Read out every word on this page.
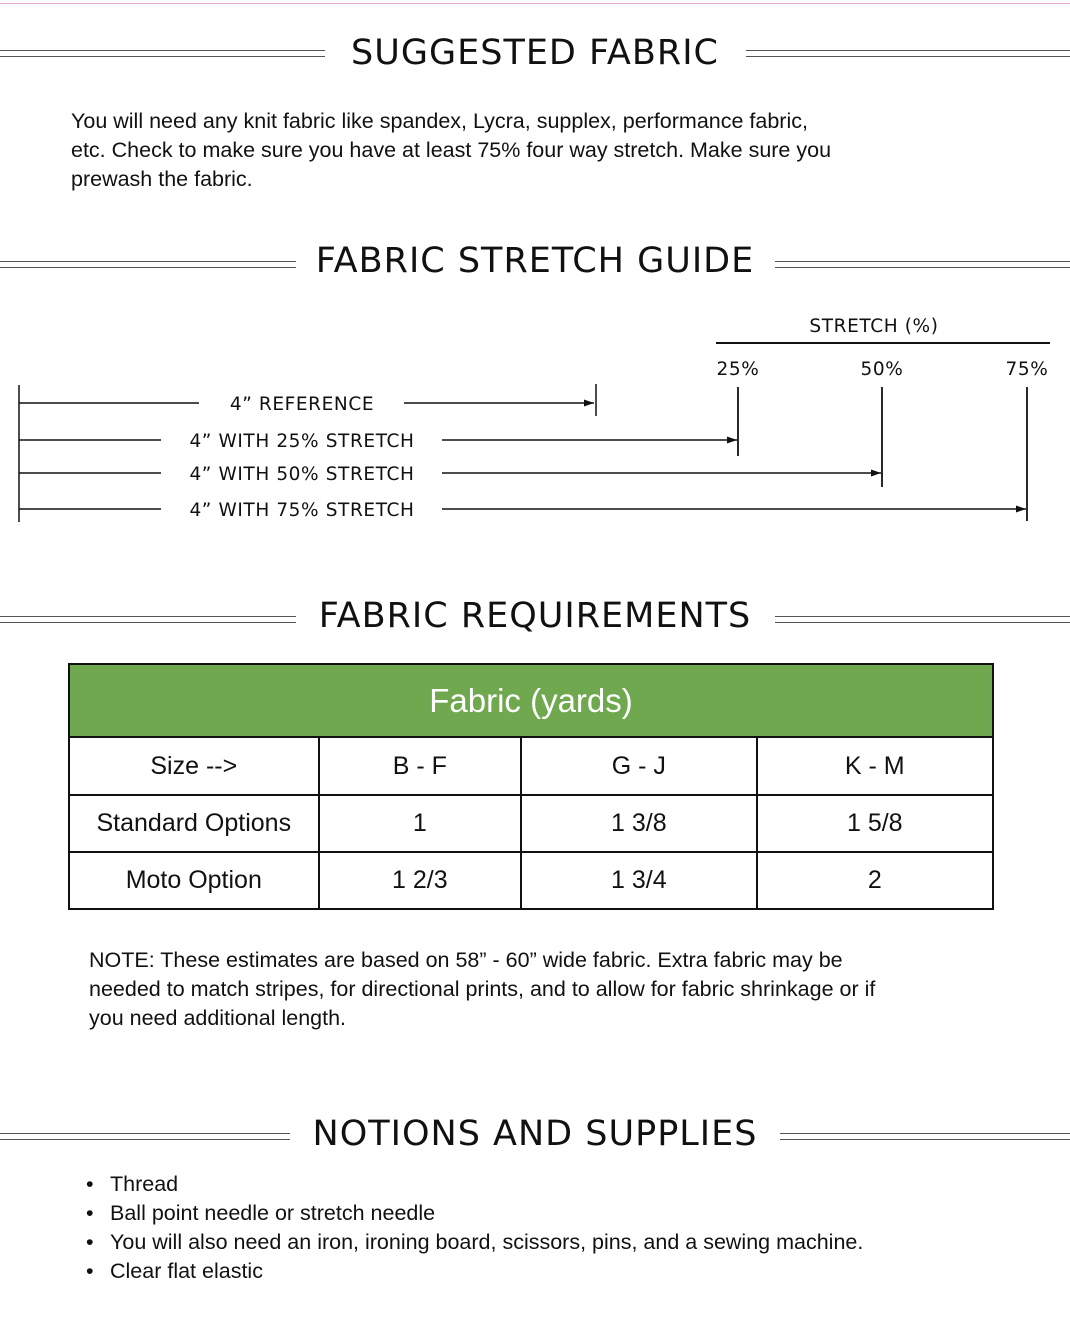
SUGGESTED FABRIC

You will need any knit fabric like spandex, Lycra, supplex, performance fabric,
etc. Check to make sure you have at least 75% four way stretch. Make sure you
prewash the fabric.

FABRIC STRETCH GUIDE
STRETCH (%)
25%	50%	75%
4” REFERENCE
4” WITH 25% STRETCH
4” WITH 50% STRETCH
4” WITH 75% STRETCH
FABRIC REQUIREMENTS
Fabric (yards)			
Size -->	B - F	G - J	K - M
Standard Options	1	1 3/8	1 5/8
Moto Option	1 2/3	1 3/4	2

NOTE: These estimates are based on 58” - 60” wide fabric. Extra fabric may be
needed to match stripes, for directional prints, and to allow for fabric shrinkage or if
you need additional length.

NOTIONS AND SUPPLIES
• Thread
• Ball point needle or stretch needle
• You will also need an iron, ironing board, scissors, pins, and a sewing machine.
• Clear flat elastic
